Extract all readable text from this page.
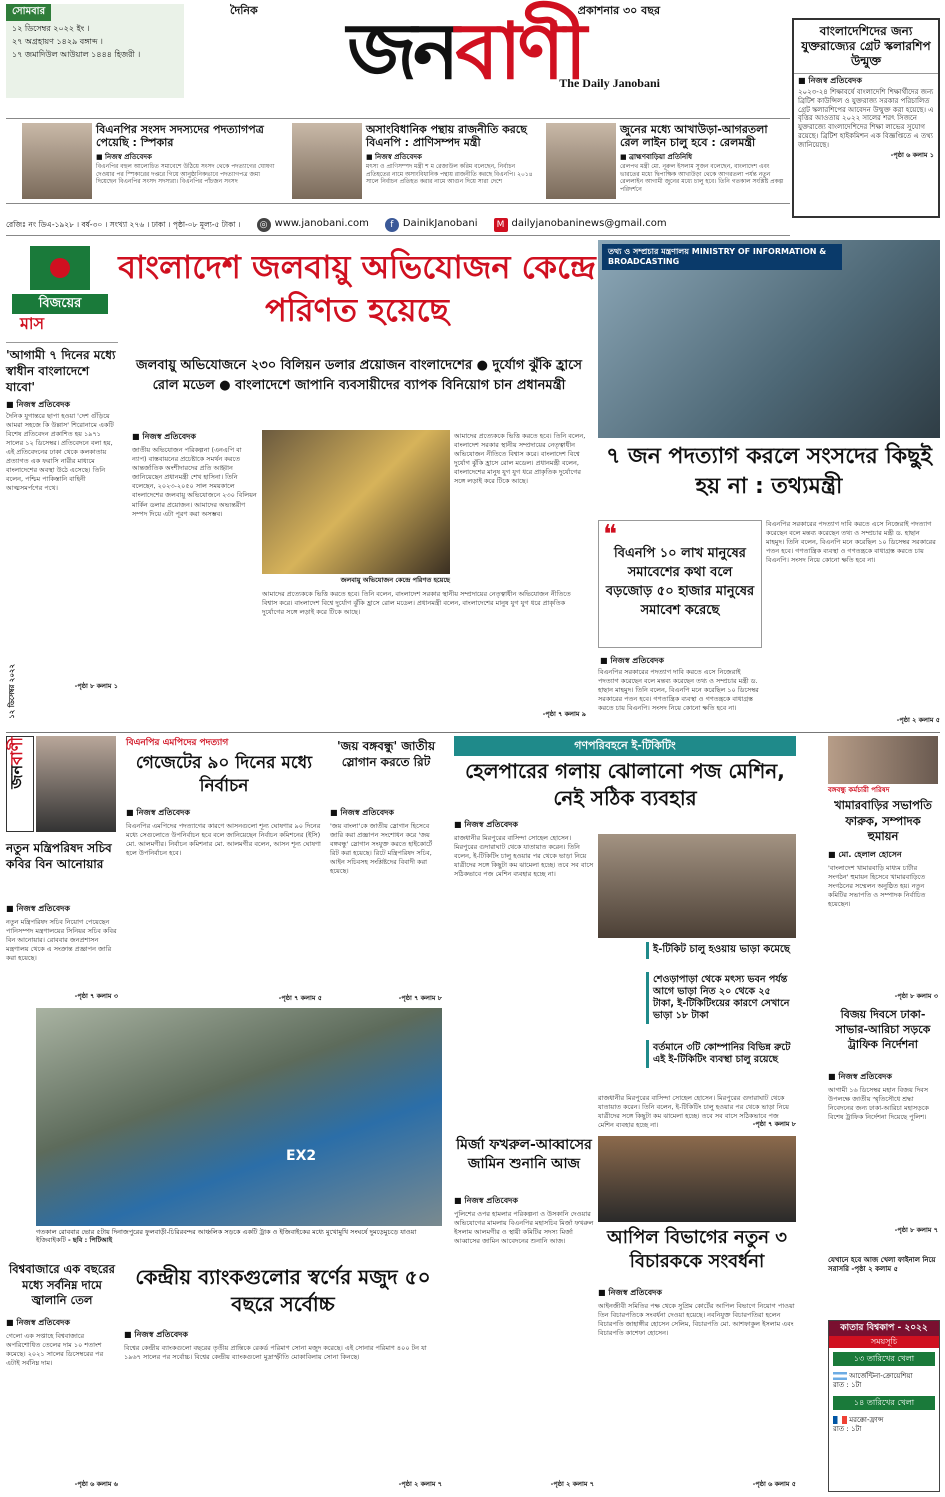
সোমবার
১২ ডিসেম্বর ২০২২ ইং ।
২৭ অগ্রহায়ণ ১৪২৯ বঙ্গাব্দ ।
১৭ জমাদিউল আউয়াল ১৪৪৪ হিজরী ।
দৈনিক	প্রকাশনার ৩০ বছর
জনবাণী
The Daily Janobani
বাংলাদেশিদের জন্য যুক্তরাজ্যের গ্রেট স্কলারশিপ উন্মুক্ত
■ নিজস্ব প্রতিবেদক

২০২৩-২৪ শিক্ষাবর্ষে বাংলাদেশি শিক্ষার্থীদের জন্য ব্রিটিশ কাউন্সিল ও যুক্তরাজ্য সরকার পরিচালিত গ্রেট স্কলারশিপের আবেদন উন্মুক্ত করা হয়েছে। এ বৃত্তির আওতায় ২০২২ সালের শরৎ সিজনে যুক্তরাজ্যে বাংলাদেশিদের শিক্ষা লাভের সুযোগ রয়েছে। ব্রিটিশ হাইকমিশন এক বিজ্ঞপ্তিতে এ তথ্য জানিয়েছে।

-পৃষ্ঠা ৬ কলাম ১
বিএনপির সংসদ সদস্যদের পদত্যাগপত্র পেয়েছি : স্পিকার
■ নিজস্ব প্রতিবেদক
বিএনপির বহুল আলোচিত সমাবেশে উঠিয়ে সংসদ থেকে পদত্যাগের ঘোষণা দেওয়ার পর স্পিকারের দপ্তরে গিয়ে আনুষ্ঠানিকভাবে পদত্যাগপত্র জমা দিয়েছেন বিএনপির সংসদ সদস্যরা। বিএনপির পাঁচজন সংসদ
অসাংবিধানিক পন্থায় রাজনীতি করছে বিএনপি : প্রাণিসম্পদ মন্ত্রী
■ নিজস্ব প্রতিবেদক
মৎস্য ও প্রাণিসম্পদ মন্ত্রী শ ম রেজাউল করিম বলেছেন, নির্বাচন প্রতিহতের নামে অসাংবিধানিক পন্থায় রাজনীতি করছে বিএনপি। ২০১৪ সালে নির্বাচন প্রতিহত করার নামে আগুন দিয়ে সারা দেশে
জুনের মধ্যে আখাউড়া-আগরতলা রেল লাইন চালু হবে : রেলমন্ত্রী
■ ব্রাহ্মণবাড়িয়া প্রতিনিধি
রেলপথ মন্ত্রী মো. নূরুল ইসলাম সুজন বলেছেন, বাংলাদেশ এবং ভারতের মধ্যে দ্বিপাক্ষিক আখাউড়া থেকে আগরতলা পর্যন্ত নতুন রেললাইন আগামী জুনের মধ্যে চালু হবে। তিনি গতকাল সংশ্লিষ্ট প্রকল্প পরিদর্শনে
রেজিঃ নং ডিএ-১৯২৮ । বর্ষ-৩০ । সংখ্যা ২৭৬ । ঢাকা । পৃষ্ঠা-০৮ মূল্য-৫ টাকা ।	◎ www.janobani.com	f DainikJanobani	M dailyjanobaninews@gmail.com
বিজয়ের
মাস
'আগামী ৭ দিনের মধ্যে স্বাধীন বাংলাদেশে যাবো'
■ নিজস্ব প্রতিবেদক
দৈনিক যুগান্তরে ছাপা হওয়া 'দেশ গুঁড়িয়ে আমরা সহজে কি উল্লাস' শিরোনামে একটি বিশেষ প্রতিবেদন প্রকাশিত হয় ১৯৭১ সালের ১২ ডিসেম্বর। প্রতিবেদনে বলা হয়, এই প্রতিবেদনের ঢাকা থেকে কলকাতায় প্রত্যাগত এক ফরাসি নারীর মাধ্যমে বাংলাদেশের অবস্থা উঠে এসেছে। তিনি বলেন, পশ্চিম পাকিস্তানি বাহিনী আত্মসমর্পণের পথে।
-পৃষ্ঠা ৮ কলাম ১
বাংলাদেশ জলবায়ু অভিযোজন কেন্দ্রে পরিণত হয়েছে
জলবায়ু অভিযোজনে ২৩০ বিলিয়ন ডলার প্রয়োজন বাংলাদেশের ● দুর্যোগ ঝুঁকি হ্রাসে রোল মডেল ● বাংলাদেশে জাপানি ব্যবসায়ীদের ব্যাপক বিনিয়োগ চান প্রধানমন্ত্রী
■ নিজস্ব প্রতিবেদক
জাতীয় অভিযোজন পরিকল্পনা (এনএপি বা ন্যাপ) বাস্তবায়নের প্রচেষ্টাকে সমর্থন করতে আন্তর্জাতিক অংশীদারদের প্রতি আহ্বান জানিয়েছেন প্রধানমন্ত্রী শেখ হাসিনা। তিনি বলেছেন, ২০২৩-২০৫০ সাল সময়কালে বাংলাদেশের জলবায়ু অভিযোজনে ২৩০ বিলিয়ন মার্কিন ডলার প্রয়োজন। আমাদের অভ্যন্তরীণ সম্পদ দিয়ে এটা পূরণ করা অসম্ভব।
জলবায়ু অভিযোজন কেন্দ্রে পরিণত হয়েছে
আমাদের প্রত্যেককে ভিত্তি করতে হবে। তিনি বলেন, বাংলাদেশ সরকার স্থানীয় সম্প্রদায়ের নেতৃত্বাধীন অভিযোজন নীতিতে বিশ্বাস করে। বাংলাদেশ বিশ্বে দুর্যোগ ঝুঁকি হ্রাসে রোল মডেল। প্রধানমন্ত্রী বলেন, বাংলাদেশের মানুষ যুগ যুগ ধরে প্রাকৃতিক দুর্যোগের সঙ্গে লড়াই করে টিকে আছে।
আমাদের প্রত্যেককে ভিত্তি করতে হবে। তিনি বলেন, বাংলাদেশ সরকার স্থানীয় সম্প্রদায়ের নেতৃত্বাধীন অভিযোজন নীতিতে বিশ্বাস করে। বাংলাদেশ বিশ্বে দুর্যোগ ঝুঁকি হ্রাসে রোল মডেল। প্রধানমন্ত্রী বলেন, বাংলাদেশের মানুষ যুগ যুগ ধরে প্রাকৃতিক দুর্যোগের সঙ্গে লড়াই করে টিকে আছে।
-পৃষ্ঠা ৭ কলাম ৯
তথ্য ও সম্প্রচার মন্ত্রণালয় MINISTRY OF INFORMATION & BROADCASTING
৭ জন পদত্যাগ করলে সংসদের কিছুই হয় না : তথ্যমন্ত্রী
❝
বিএনপি ১০ লাখ মানুষের সমাবেশের কথা বলে বড়জোড় ৫০ হাজার মানুষের সমাবেশ করেছে
■ নিজস্ব প্রতিবেদক
বিএনপির সরকারের পদত্যাগ দাবি করতে এসে নিজেরাই পদত্যাগ করেছেন বলে মন্তব্য করেছেন তথ্য ও সম্প্রচার মন্ত্রী ড. হাছান মাহমুদ। তিনি বলেন, বিএনপি মনে করেছিল ১০ ডিসেম্বর সরকারের পতন হবে। গণতান্ত্রিক ব্যবস্থা ও গণতন্ত্রকে বাধাগ্রস্ত করতে চায় বিএনপি। সংসদ নিয়ে কোনো ক্ষতি হবে না।
বিএনপির সরকারের পদত্যাগ দাবি করতে এসে নিজেরাই পদত্যাগ করেছেন বলে মন্তব্য করেছেন তথ্য ও সম্প্রচার মন্ত্রী ড. হাছান মাহমুদ। তিনি বলেন, বিএনপি মনে করেছিল ১০ ডিসেম্বর সরকারের পতন হবে। গণতান্ত্রিক ব্যবস্থা ও গণতন্ত্রকে বাধাগ্রস্ত করতে চায় বিএনপি। সংসদ নিয়ে কোনো ক্ষতি হবে না।
-পৃষ্ঠা ২ কলাম ৫
জনবাণী
১২ ডিসেম্বর ২০২২
নতুন মন্ত্রিপরিষদ সচিব কবির বিন আনোয়ার
■ নিজস্ব প্রতিবেদক
নতুন মন্ত্রিপরিষদ সচিব নিয়োগ পেয়েছেন পানিসম্পদ মন্ত্রণালয়ের সিনিয়র সচিব কবির বিন আনোয়ার। রোববার জনপ্রশাসন মন্ত্রণালয় থেকে এ সংক্রান্ত প্রজ্ঞাপন জারি করা হয়েছে।
-পৃষ্ঠা ৭ কলাম ৩
বিএনপির এমপিদের পদত্যাগ
গেজেটের ৯০ দিনের মধ্যে নির্বাচন
■ নিজস্ব প্রতিবেদক
বিএনপির এমপিদের পদত্যাগের কারণে আসনগুলো শূন্য ঘোষণার ৯০ দিনের মধ্যে সেগুলোতে উপনির্বাচন হবে বলে জানিয়েছেন নির্বাচন কমিশনের (ইসি) মো. আলমগীর। নির্বাচন কমিশনার মো. আলমগীর বলেন, আসন শূন্য ঘোষণা হলে উপনির্বাচন হবে।
-পৃষ্ঠা ৭ কলাম ৫
'জয় বঙ্গবন্ধু' জাতীয় স্লোগান করতে রিট
■ নিজস্ব প্রতিবেদক
'জয় বাংলা'কে জাতীয় স্লোগান হিসেবে জারি করা প্রজ্ঞাপন সংশোধন করে 'জয় বঙ্গবন্ধু' স্লোগান সংযুক্ত করতে হাইকোর্টে রিট করা হয়েছে। রিটে মন্ত্রিপরিষদ সচিব, আইন সচিবসহ সংশ্লিষ্টদের বিবাদী করা হয়েছে।
-পৃষ্ঠা ৭ কলাম ৮
EX2
গতকাল রোববার ভোর ৫টায় দিনাজপুরের ফুলবাড়ী-চিরিরবন্দর আঞ্চলিক সড়কে একটি ট্রাক ও ইজিবাইকের মধ্যে মুখোমুখি সংঘর্ষে দুমড়েমুচড়ে যাওয়া ইজিবাইকটি - ছবি : পিটিআই
গণপরিবহনে ই-টিকিটিং
হেলপারের গলায় ঝোলানো পজ মেশিন, নেই সঠিক ব্যবহার
■ নিজস্ব প্রতিবেদক
রাজধানীর মিরপুরের বাসিন্দা সোহেল হোসেন। মিরপুরের গুদারাঘাট থেকে যাতায়াত করেন। তিনি বলেন, ই-টিকিটিং চালু হওয়ার পর থেকে ভাড়া নিয়ে যাত্রীদের সঙ্গে কিছুটা কম ঝামেলা হচ্ছে। তবে সব বাসে সঠিকভাবে পজ মেশিন ব্যবহার হচ্ছে না।
ই-টিকিট চালু হওয়ায় ভাড়া কমেছে
শেওড়াপাড়া থেকে মৎস্য ভবন পর্যন্ত আগে ভাড়া নিত ২০ থেকে ২৫ টাকা, ই-টিকিটিংয়ের কারণে সেখানে ভাড়া ১৮ টাকা
বর্তমানে ৩টি কোম্পানির বিভিন্ন রুটে এই ই-টিকিটিং ব্যবস্থা চালু রয়েছে
রাজধানীর মিরপুরের বাসিন্দা সোহেল হোসেন। মিরপুরের গুদারাঘাট থেকে যাতায়াত করেন। তিনি বলেন, ই-টিকিটিং চালু হওয়ার পর থেকে ভাড়া নিয়ে যাত্রীদের সঙ্গে কিছুটা কম ঝামেলা হচ্ছে। তবে সব বাসে সঠিকভাবে পজ মেশিন ব্যবহার হচ্ছে না।	-পৃষ্ঠা ৭ কলাম ৮
মির্জা ফখরুল-আব্বাসের জামিন শুনানি আজ
■ নিজস্ব প্রতিবেদক
পুলিশের ওপর হামলার পরিকল্পনা ও উসকানি দেওয়ার অভিযোগের মামলায় বিএনপির মহাসচিব মির্জা ফখরুল ইসলাম আলমগীর ও স্থায়ী কমিটির সদস্য মির্জা আব্বাসের জামিন আবেদনের শুনানি আজ।
-পৃষ্ঠা ২ কলাম ৭
আপিল বিভাগের নতুন ৩ বিচারককে সংবর্ধনা
■ নিজস্ব প্রতিবেদক
আইনজীবী সমিতির পক্ষ থেকে সুপ্রিম কোর্টের আপিল বিভাগে নিয়োগ পাওয়া তিন বিচারপতিকে সংবর্ধনা দেওয়া হয়েছে। নবনিযুক্ত বিচারপতিরা হলেন বিচারপতি জাহাঙ্গীর হোসেন সেলিম, বিচারপতি মো. আশফাকুল ইসলাম এবং বিচারপতি কাশেফা হোসেন।
-পৃষ্ঠা ৬ কলাম ৫
বঙ্গবন্ধু কর্মচারী পরিষদ
খামারবাড়ির সভাপতি ফারুক, সম্পাদক হুমায়ন
■ মো. হেলাল হোসেন
'বাংলাদেশ খামারবাড়ি মাধ্যম চার্টার সংগঠন' হুমায়ন হিসেবে খামারবাড়িতে সংগঠনের সম্মেলন অনুষ্ঠিত হয়। নতুন কমিটির সভাপতি ও সম্পাদক নির্বাচিত হয়েছেন।
-পৃষ্ঠা ৮ কলাম ৩
বিজয় দিবসে ঢাকা-সাভার-আরিচা সড়কে ট্রাফিক নির্দেশনা
■ নিজস্ব প্রতিবেদক
আগামী ১৬ ডিসেম্বর মহান বিজয় দিবস উপলক্ষে জাতীয় স্মৃতিসৌধে শ্রদ্ধা নিবেদনের জন্য ঢাকা-আরিচা মহাসড়কে বিশেষ ট্রাফিক নির্দেশনা দিয়েছে পুলিশ।
-পৃষ্ঠা ৮ কলাম ৭
যেখানে হবে আজ খেলা ফাইনাল নিয়ে সরাসরি -পৃষ্ঠা ২ কলাম ৫
কাতার বিশ্বকাপ - ২০২২
সময়সূচি
১৩ তারিখের খেলা
আর্জেন্টিনা-ক্রোয়েশিয়া
রাত : ১টা
১৪ তারিখের খেলা
মরক্কো-ফ্রান্স
রাত : ১টা
বিশ্ববাজারে এক বছরের মধ্যে সর্বনিম্ন দামে জ্বালানি তেল
■ নিজস্ব প্রতিবেদক
গেলো এক সপ্তাহে বিশ্ববাজারে অপরিশোধিত তেলের দাম ১০ শতাংশ কমেছে। ২০২১ সালের ডিসেম্বরের পর এটাই সর্বনিম্ন দাম।
-পৃষ্ঠা ৬ কলাম ৬
কেন্দ্রীয় ব্যাংকগুলোর স্বর্ণের মজুদ ৫০ বছরে সর্বোচ্চ
■ নিজস্ব প্রতিবেদক
বিশ্বের কেন্দ্রীয় ব্যাংকগুলো বছরের তৃতীয় প্রান্তিকে রেকর্ড পরিমাণ সোনা মজুদ করেছে। এই সোনার পরিমাণ ৪০০ টন যা ১৯৬৭ সালের পর সর্বোচ্চ। বিশ্বের কেন্দ্রীয় ব্যাংকগুলো মুদ্রাস্ফীতি মোকাবিলায় সোনা কিনছে।
-পৃষ্ঠা ২ কলাম ৭
